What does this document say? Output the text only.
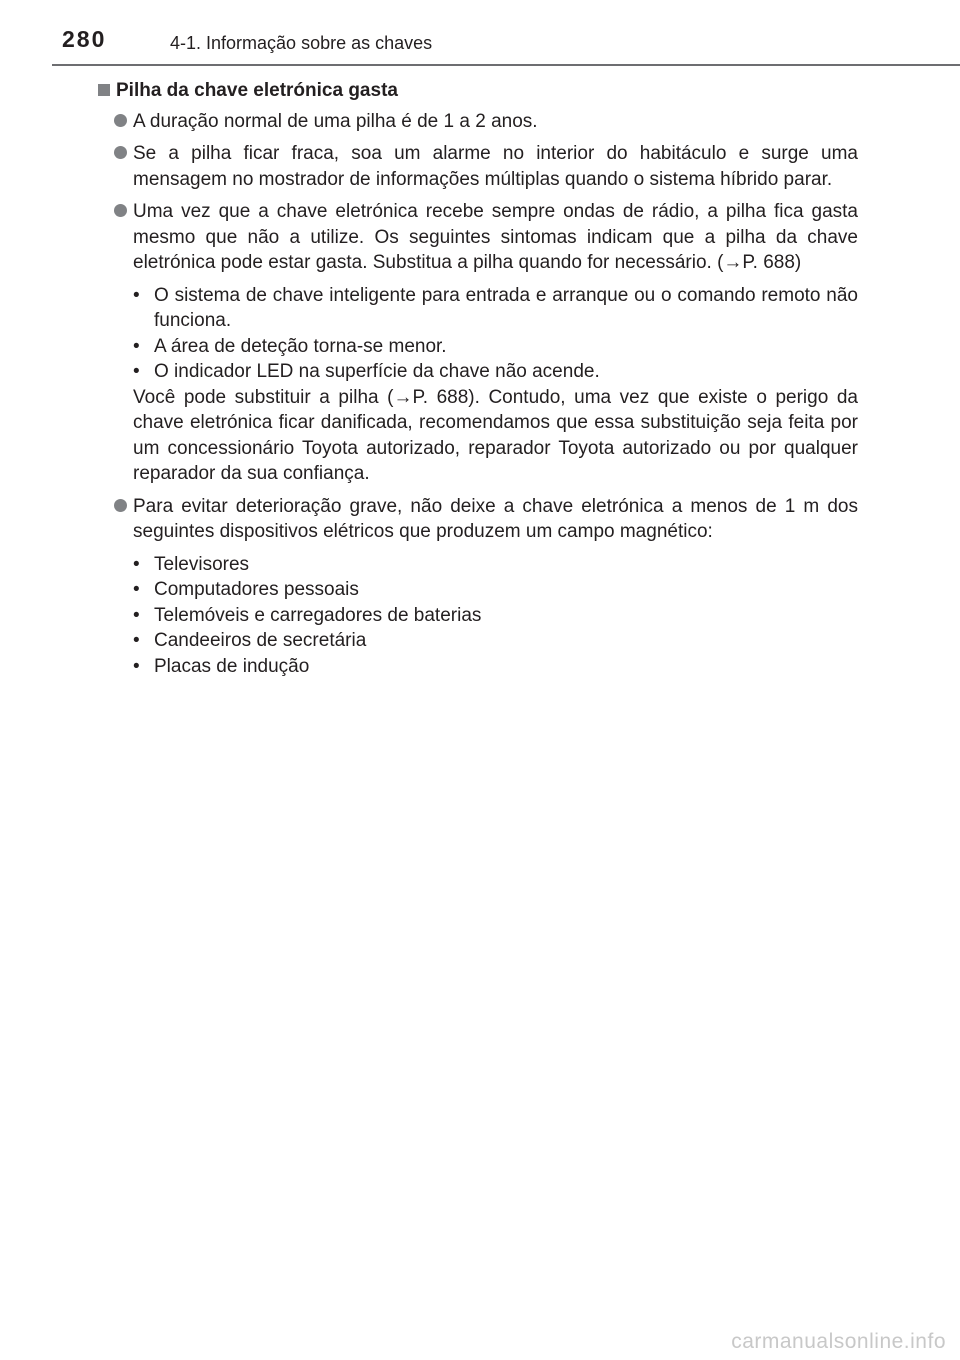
280	4-1. Informação sobre as chaves
Pilha da chave eletrónica gasta
A duração normal de uma pilha é de 1 a 2 anos.
Se a pilha ficar fraca, soa um alarme no interior do habitáculo e surge uma mensagem no mostrador de informações múltiplas quando o sistema híbrido parar.
Uma vez que a chave eletrónica recebe sempre ondas de rádio, a pilha fica gasta mesmo que não a utilize. Os seguintes sintomas indicam que a pilha da chave eletrónica pode estar gasta. Substitua a pilha quando for necessário. (→P. 688)
• O sistema de chave inteligente para entrada e arranque ou o comando remoto não funciona.
• A área de deteção torna-se menor.
• O indicador LED na superfície da chave não acende.
Você pode substituir a pilha (→P. 688). Contudo, uma vez que existe o perigo da chave eletrónica ficar danificada, recomendamos que essa substituição seja feita por um concessionário Toyota autorizado, reparador Toyota autorizado ou por qualquer reparador da sua confiança.
Para evitar deterioração grave, não deixe a chave eletrónica a menos de 1 m dos seguintes dispositivos elétricos que produzem um campo magnético:
• Televisores
• Computadores pessoais
• Telemóveis e carregadores de baterias
• Candeeiros de secretária
• Placas de indução
carmanualsonline.info
